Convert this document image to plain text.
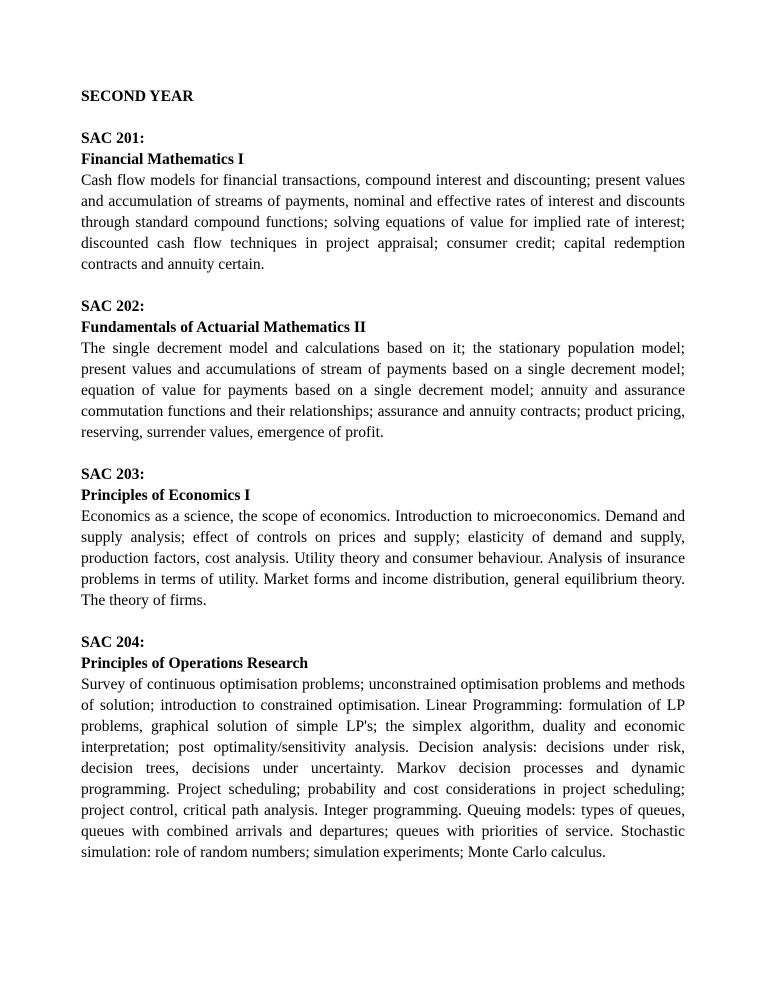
SECOND YEAR

SAC 201:

Financial Mathematics I

Cash flow models for financial transactions, compound interest and discounting; present values and accumulation of streams of payments, nominal and effective rates of interest and discounts through standard compound functions; solving equations of value for implied rate of interest; discounted cash flow techniques in project appraisal; consumer credit; capital redemption contracts and annuity certain.

SAC 202:

Fundamentals of Actuarial Mathematics II

The single decrement model and calculations based on it; the stationary population model; present values and accumulations of stream of payments based on a single decrement model; equation of value for payments based on a single decrement model; annuity and assurance commutation functions and their relationships; assurance and annuity contracts; product pricing, reserving, surrender values, emergence of profit.

SAC 203:

Principles of Economics I

Economics as a science, the scope of economics. Introduction to microeconomics. Demand and supply analysis; effect of controls on prices and supply; elasticity of demand and supply, production factors, cost analysis. Utility theory and consumer behaviour. Analysis of insurance problems in terms of utility. Market forms and income distribution, general equilibrium theory. The theory of firms.

SAC 204:

Principles of Operations Research

Survey of continuous optimisation problems; unconstrained optimisation problems and methods of solution; introduction to constrained optimisation. Linear Programming: formulation of LP problems, graphical solution of simple LP's; the simplex algorithm, duality and economic interpretation; post optimality/sensitivity analysis. Decision analysis: decisions under risk, decision trees, decisions under uncertainty. Markov decision processes and dynamic programming. Project scheduling; probability and cost considerations in project scheduling; project control, critical path analysis. Integer programming. Queuing models: types of queues, queues with combined arrivals and departures; queues with priorities of service. Stochastic simulation: role of random numbers; simulation experiments; Monte Carlo calculus.
